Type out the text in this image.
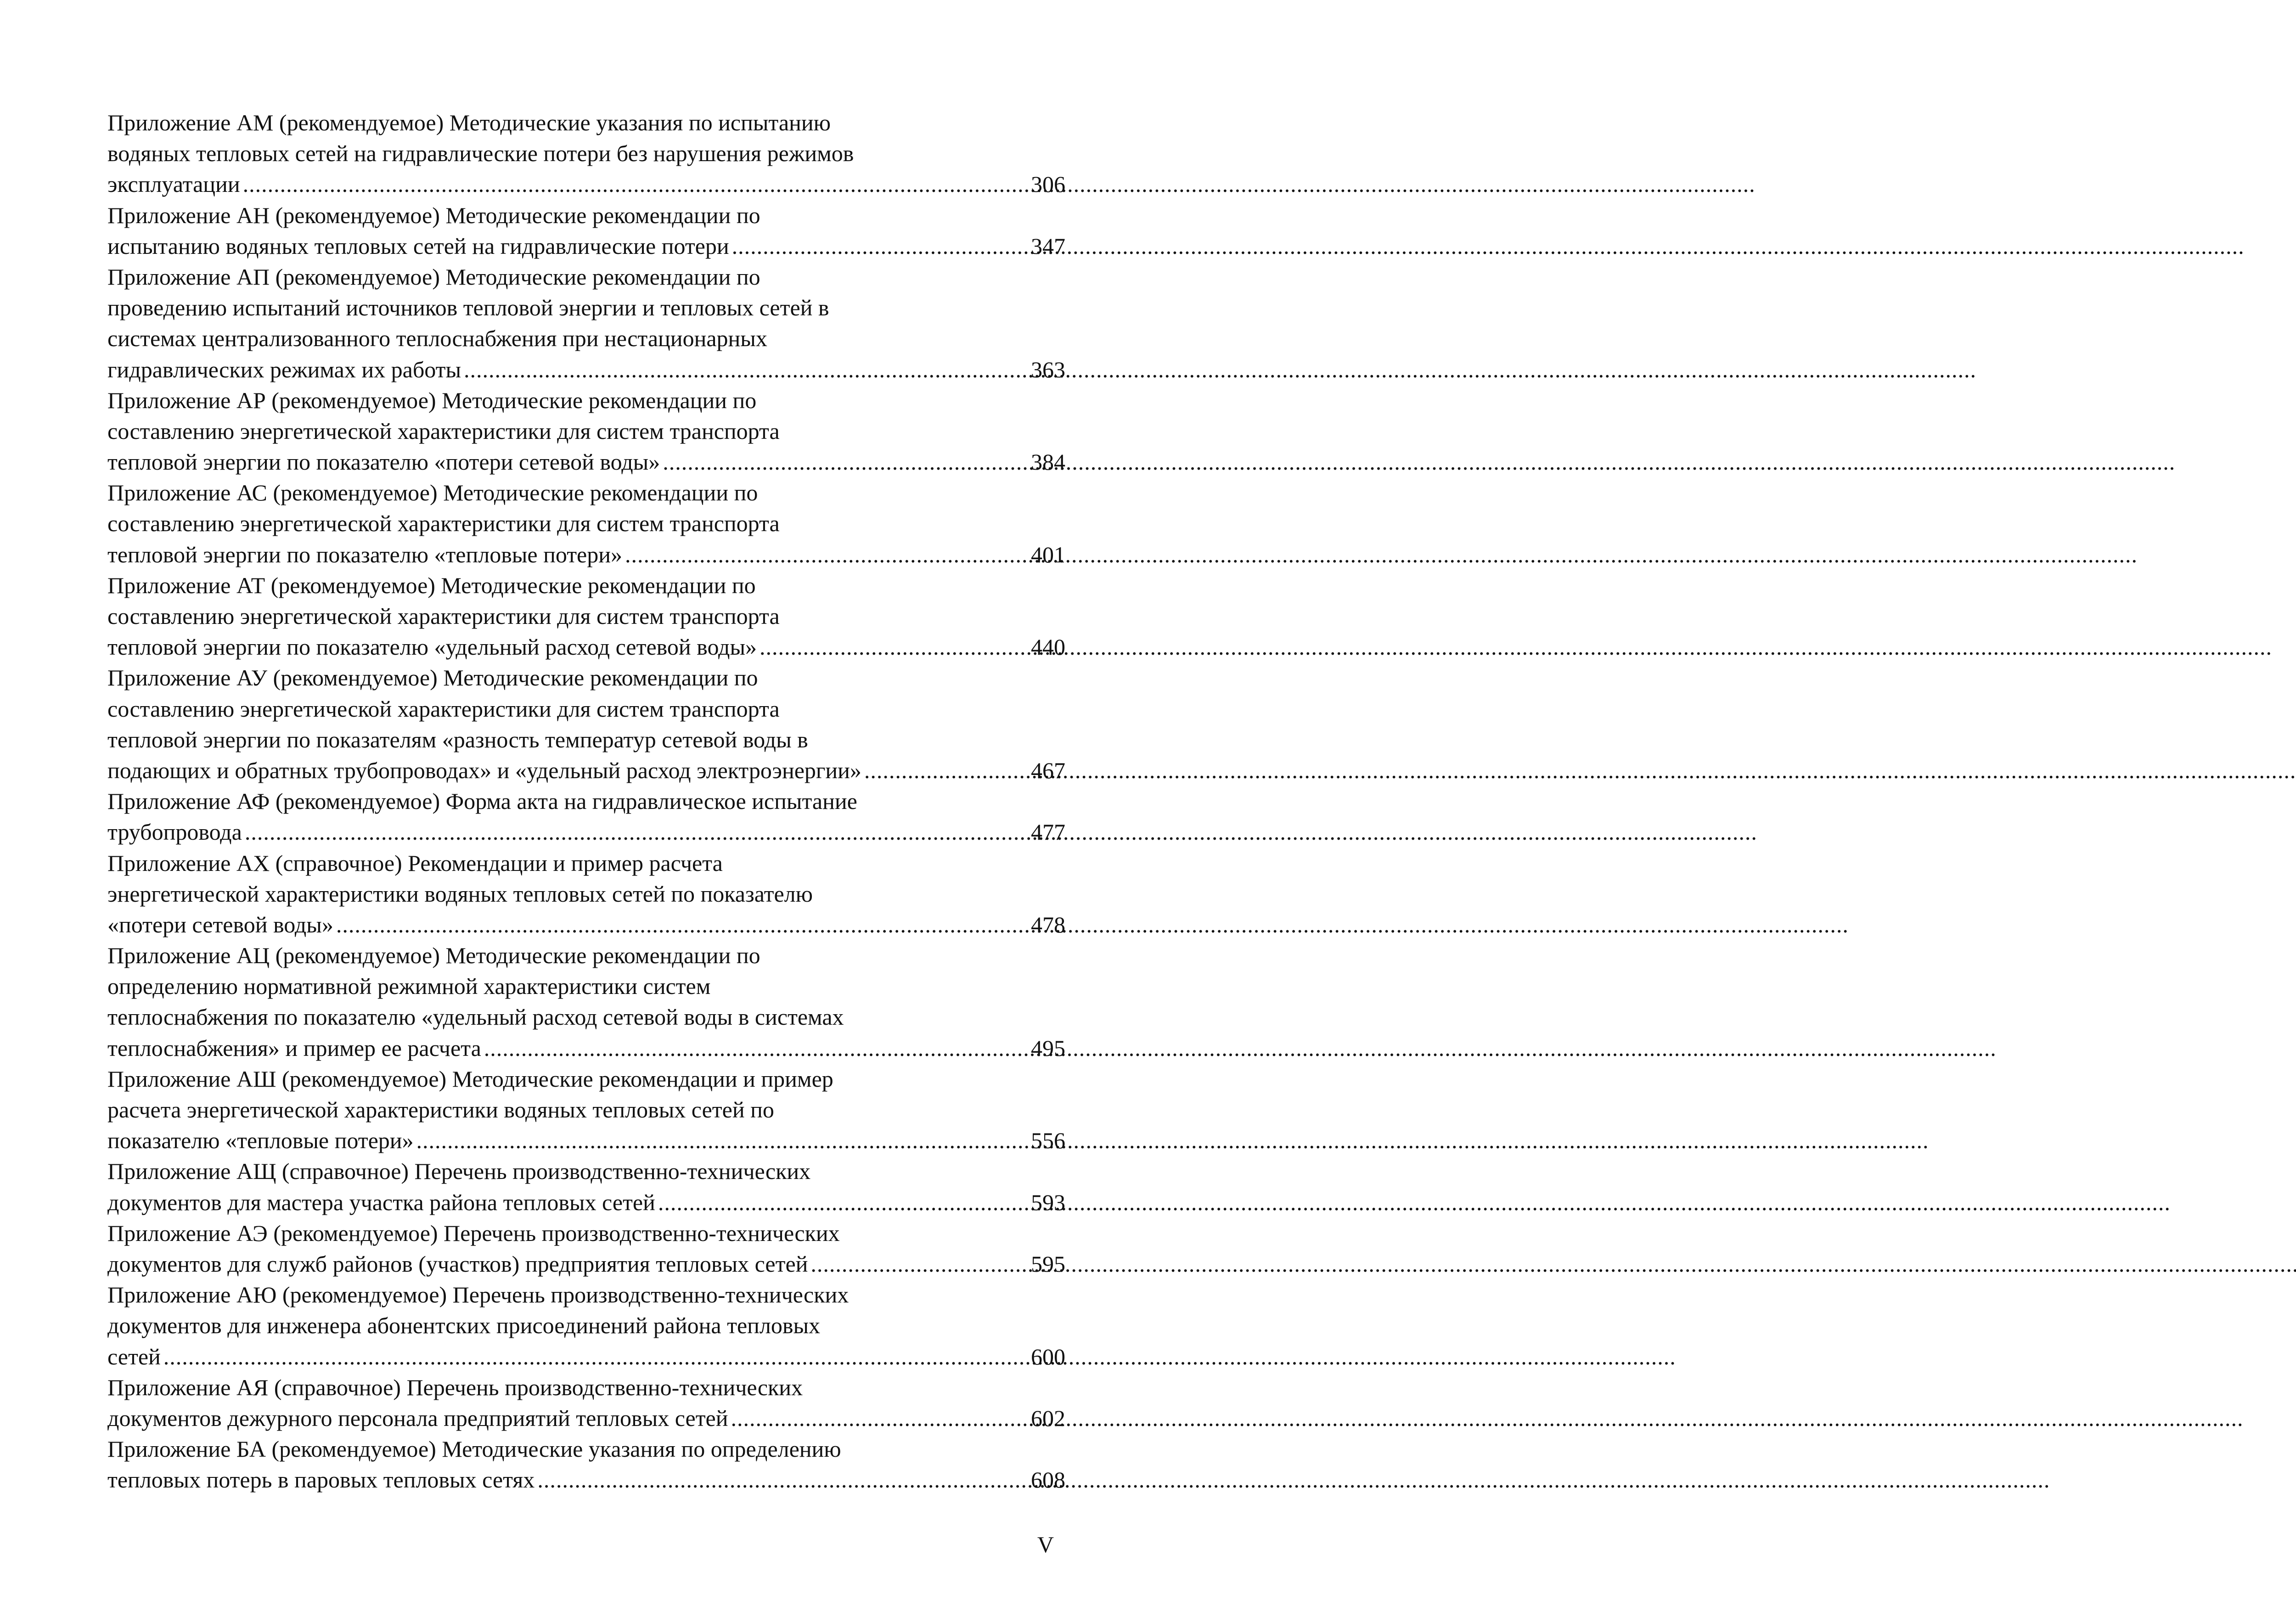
Приложение АМ (рекомендуемое) Методические указания по испытанию
водяных тепловых сетей на гидравлические потери без нарушения режимов
эксплуатации .....	306
Приложение АН (рекомендуемое) Методические рекомендации по
испытанию водяных тепловых сетей на гидравлические потери .....	347
Приложение АП (рекомендуемое) Методические рекомендации по
проведению испытаний источников тепловой энергии и тепловых сетей в
системах централизованного теплоснабжения при нестационарных
гидравлических режимах их работы .....	363
Приложение АР (рекомендуемое) Методические рекомендации по
составлению энергетической характеристики для систем транспорта
тепловой энергии по показателю «потери сетевой воды» .....	384
Приложение АС (рекомендуемое) Методические рекомендации по
составлению энергетической характеристики для систем транспорта
тепловой энергии по показателю «тепловые потери» .....	401
Приложение АТ (рекомендуемое) Методические рекомендации по
составлению энергетической характеристики для систем транспорта
тепловой энергии по показателю «удельный расход сетевой воды» .....	440
Приложение АУ (рекомендуемое) Методические рекомендации по
составлению энергетической характеристики для систем транспорта
тепловой энергии по показателям «разность температур сетевой воды в
подающих и обратных трубопроводах» и «удельный расход электроэнергии» .....	467
Приложение АФ (рекомендуемое) Форма акта на гидравлическое испытание
трубопровода .....	477
Приложение АХ (справочное) Рекомендации и пример расчета
энергетической характеристики водяных тепловых сетей по показателю
«потери сетевой воды» .....	478
Приложение АЦ (рекомендуемое) Методические рекомендации по
определению нормативной режимной характеристики систем
теплоснабжения по показателю «удельный расход сетевой воды в системах
теплоснабжения» и пример ее расчета .....	495
Приложение АШ (рекомендуемое) Методические рекомендации и пример
расчета энергетической характеристики водяных тепловых сетей по
показателю «тепловые потери» .....	556
Приложение АЩ (справочное) Перечень производственно-технических
документов для мастера участка района тепловых сетей .....	593
Приложение АЭ (рекомендуемое) Перечень производственно-технических
документов для служб районов (участков) предприятия тепловых сетей .....	595
Приложение АЮ (рекомендуемое) Перечень производственно-технических
документов для инженера абонентских присоединений района тепловых
сетей .....	600
Приложение АЯ (справочное) Перечень производственно-технических
документов дежурного персонала предприятий тепловых сетей .....	602
Приложение БА (рекомендуемое) Методические указания по определению
тепловых потерь в паровых тепловых сетях .....	608
V
